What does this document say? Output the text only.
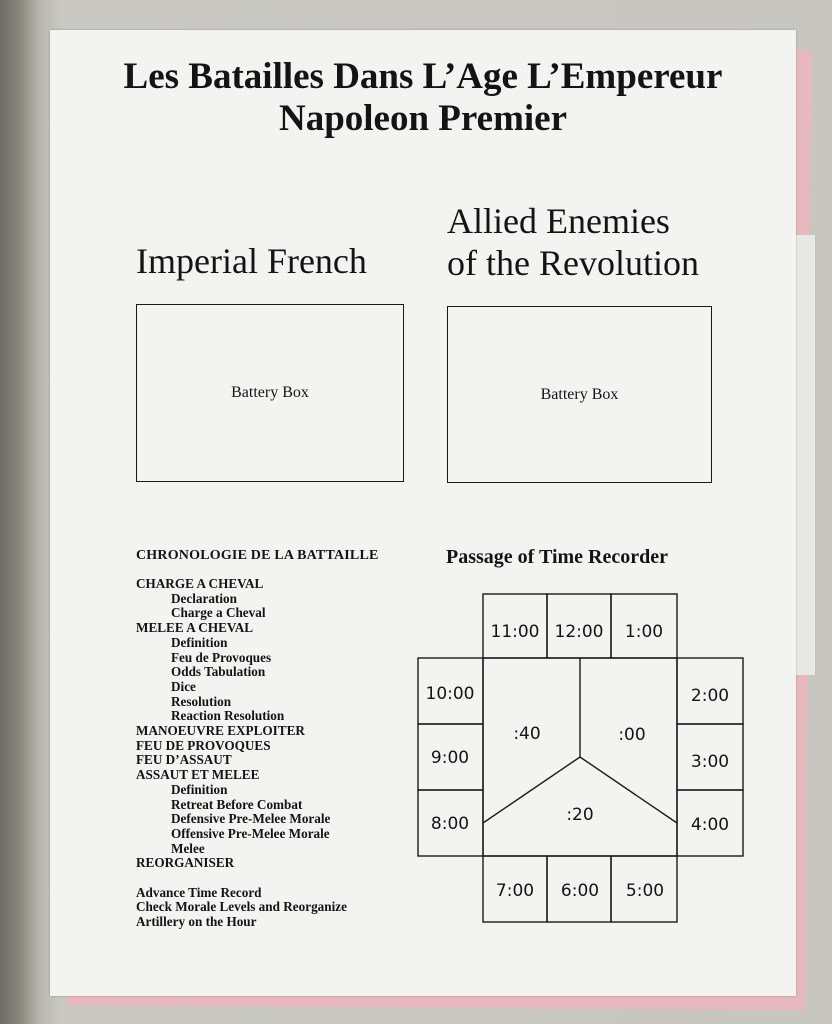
Les Batailles Dans L’Age L’Empereur
Napoleon Premier
Imperial French
Allied Enemies
of the Revolution
Battery Box	Battery Box
CHRONOLOGIE DE LA BATTAILLE
CHARGE A CHEVAL
Declaration
Charge a Cheval
MELEE A CHEVAL
Definition
Feu de Provoques
Odds Tabulation
Dice
Resolution
Reaction Resolution
MANOEUVRE EXPLOITER
FEU DE PROVOQUES
FEU D’ASSAUT
ASSAUT ET MELEE
Definition
Retreat Before Combat
Defensive Pre-Melee Morale
Offensive Pre-Melee Morale
Melee
REORGANISER
Advance Time Record
Check Morale Levels and Reorganize
Artillery on the Hour
Passage of Time Recorder
11:00 12:00 1:00
10:00
9:00
8:00
2:00
3:00
4:00
7:00 6:00 5:00
:40	:00
:20
